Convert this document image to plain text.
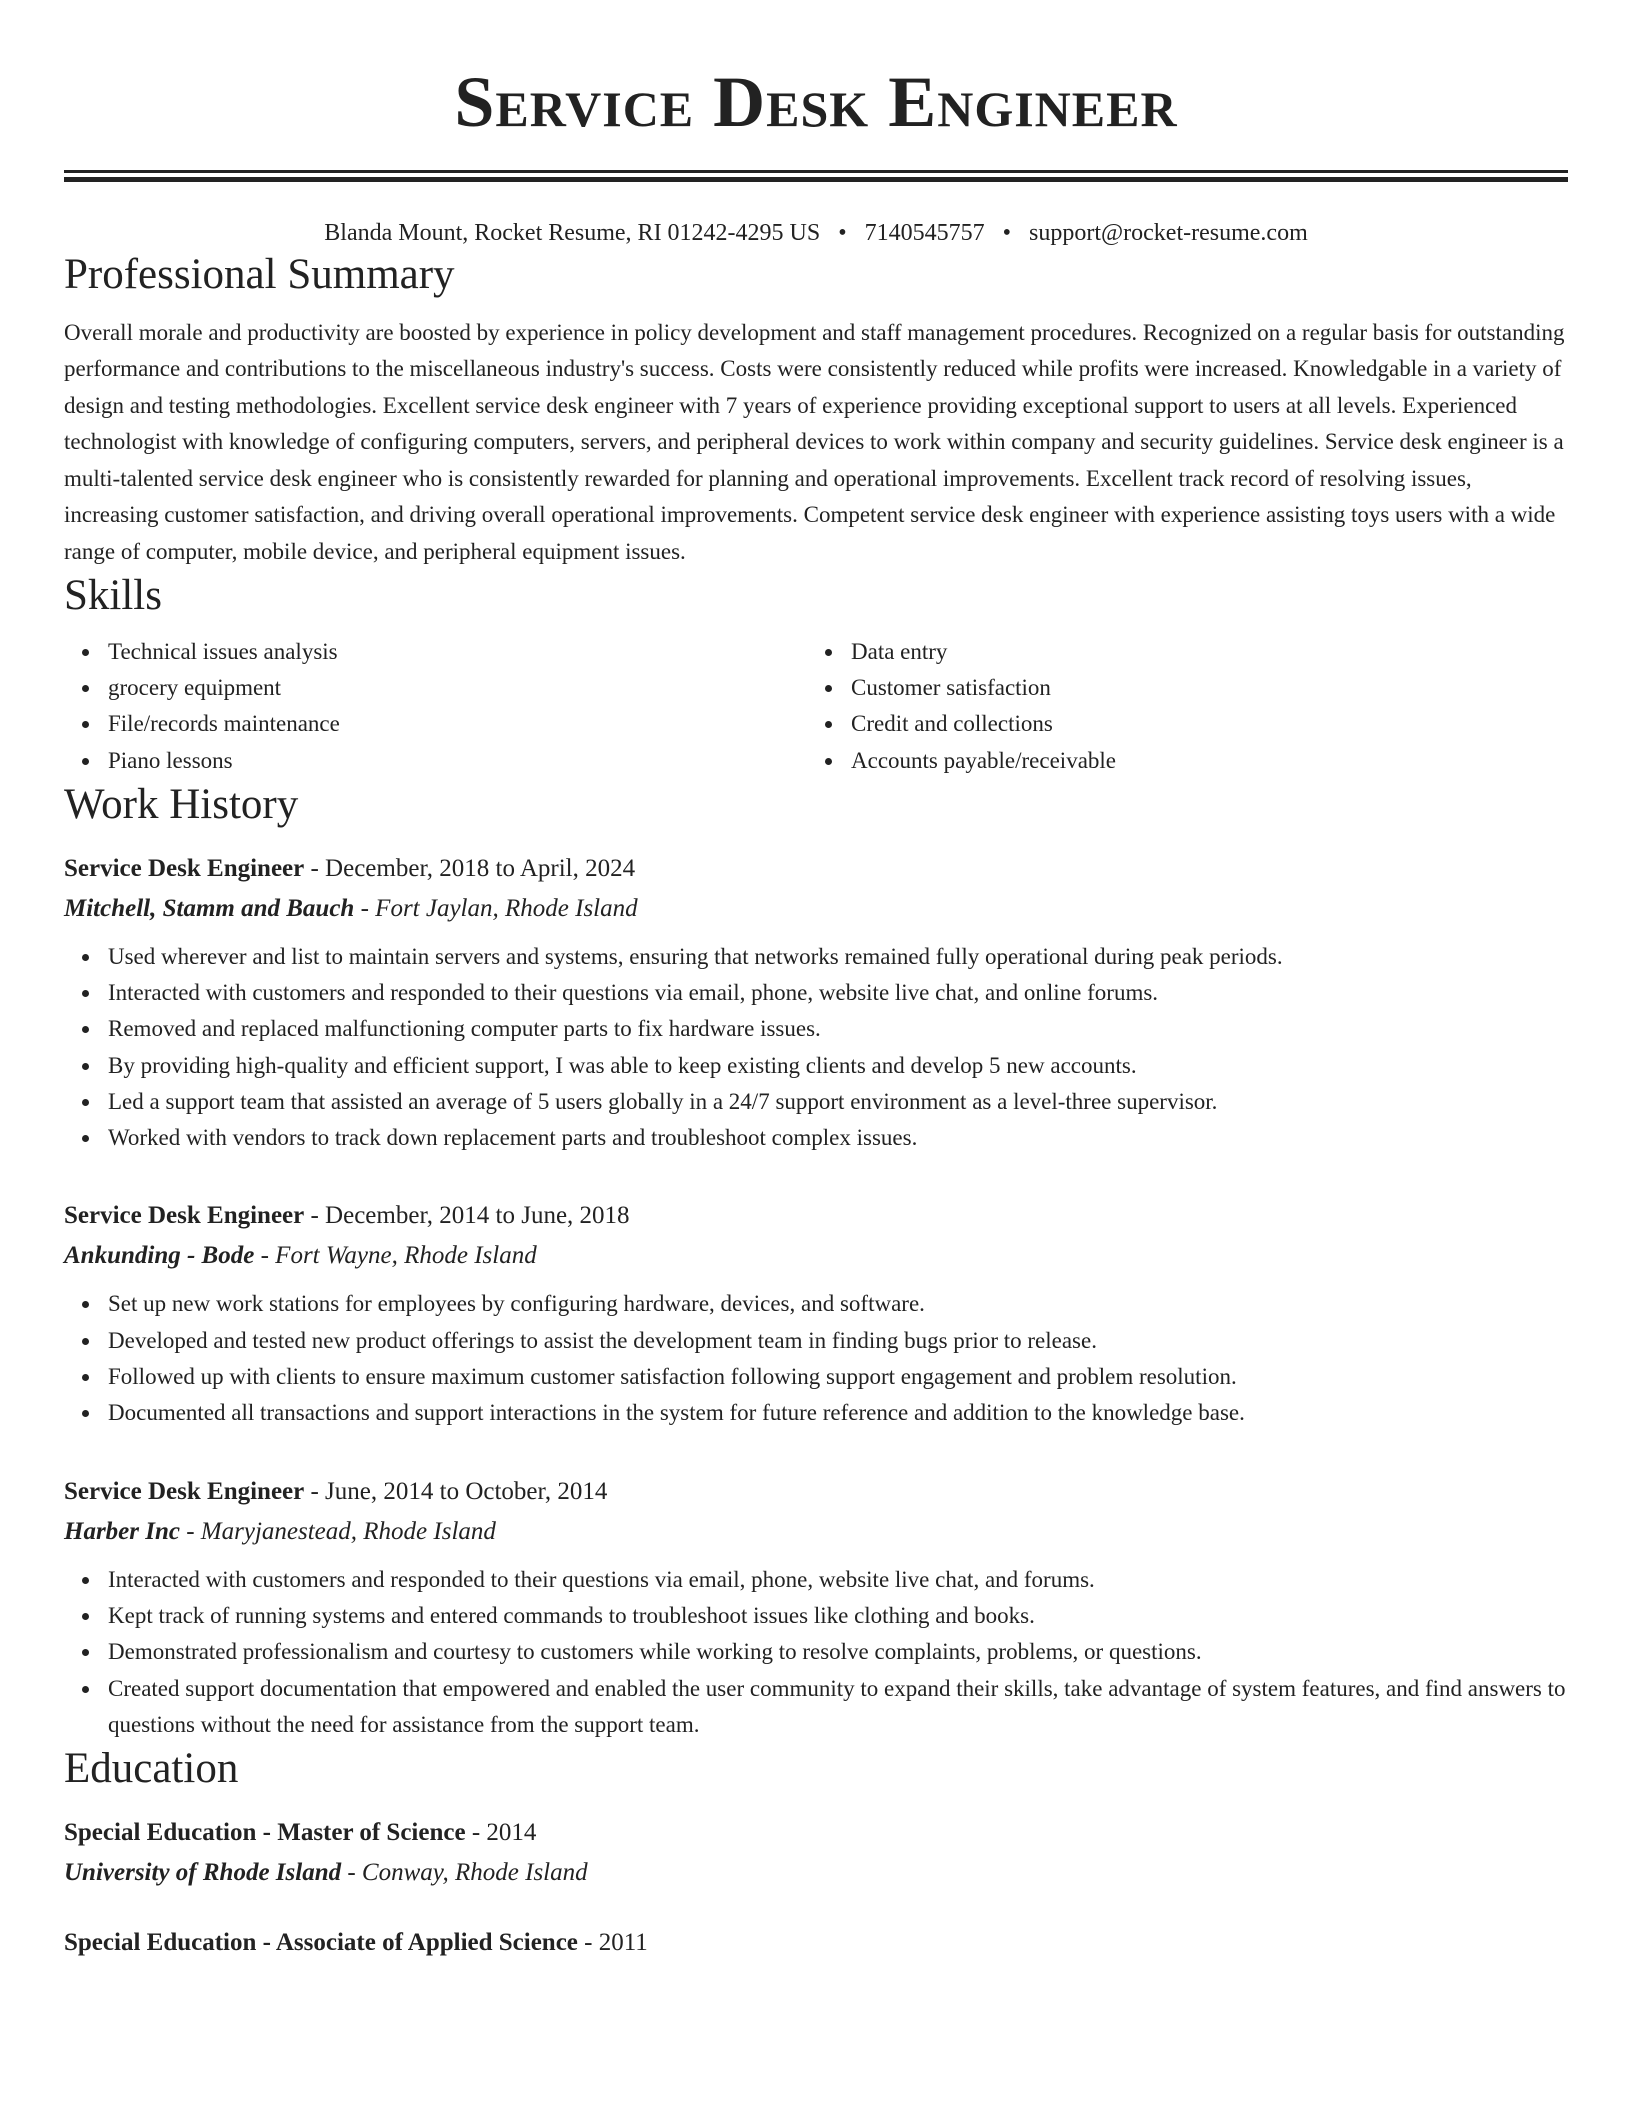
Service Desk Engineer
Blanda Mount, Rocket Resume, RI 01242-4295 US • 7140545757 • support@rocket-resume.com
Professional Summary

Overall morale and productivity are boosted by experience in policy development and staff management procedures. Recognized on a regular basis for outstanding performance and contributions to the miscellaneous industry's success. Costs were consistently reduced while profits were increased. Knowledgable in a variety of design and testing methodologies. Excellent service desk engineer with 7 years of experience providing exceptional support to users at all levels. Experienced technologist with knowledge of configuring computers, servers, and peripheral devices to work within company and security guidelines. Service desk engineer is a multi-talented service desk engineer who is consistently rewarded for planning and operational improvements. Excellent track record of resolving issues, increasing customer satisfaction, and driving overall operational improvements. Competent service desk engineer with experience assisting toys users with a wide range of computer, mobile device, and peripheral equipment issues.

Skills
Technical issues analysis
grocery equipment
File/records maintenance
Piano lessons
Data entry
Customer satisfaction
Credit and collections
Accounts payable/receivable
Work History
Service Desk Engineer - December, 2018 to April, 2024
Mitchell, Stamm and Bauch - Fort Jaylan, Rhode Island
Used wherever and list to maintain servers and systems, ensuring that networks remained fully operational during peak periods.
Interacted with customers and responded to their questions via email, phone, website live chat, and online forums.
Removed and replaced malfunctioning computer parts to fix hardware issues.
By providing high-quality and efficient support, I was able to keep existing clients and develop 5 new accounts.
Led a support team that assisted an average of 5 users globally in a 24/7 support environment as a level-three supervisor.
Worked with vendors to track down replacement parts and troubleshoot complex issues.
Service Desk Engineer - December, 2014 to June, 2018
Ankunding - Bode - Fort Wayne, Rhode Island
Set up new work stations for employees by configuring hardware, devices, and software.
Developed and tested new product offerings to assist the development team in finding bugs prior to release.
Followed up with clients to ensure maximum customer satisfaction following support engagement and problem resolution.
Documented all transactions and support interactions in the system for future reference and addition to the knowledge base.
Service Desk Engineer - June, 2014 to October, 2014
Harber Inc - Maryjanestead, Rhode Island
Interacted with customers and responded to their questions via email, phone, website live chat, and forums.
Kept track of running systems and entered commands to troubleshoot issues like clothing and books.
Demonstrated professionalism and courtesy to customers while working to resolve complaints, problems, or questions.
Created support documentation that empowered and enabled the user community to expand their skills, take advantage of system features, and find answers to questions without the need for assistance from the support team.
Education
Special Education - Master of Science - 2014
University of Rhode Island - Conway, Rhode Island
Special Education - Associate of Applied Science - 2011
